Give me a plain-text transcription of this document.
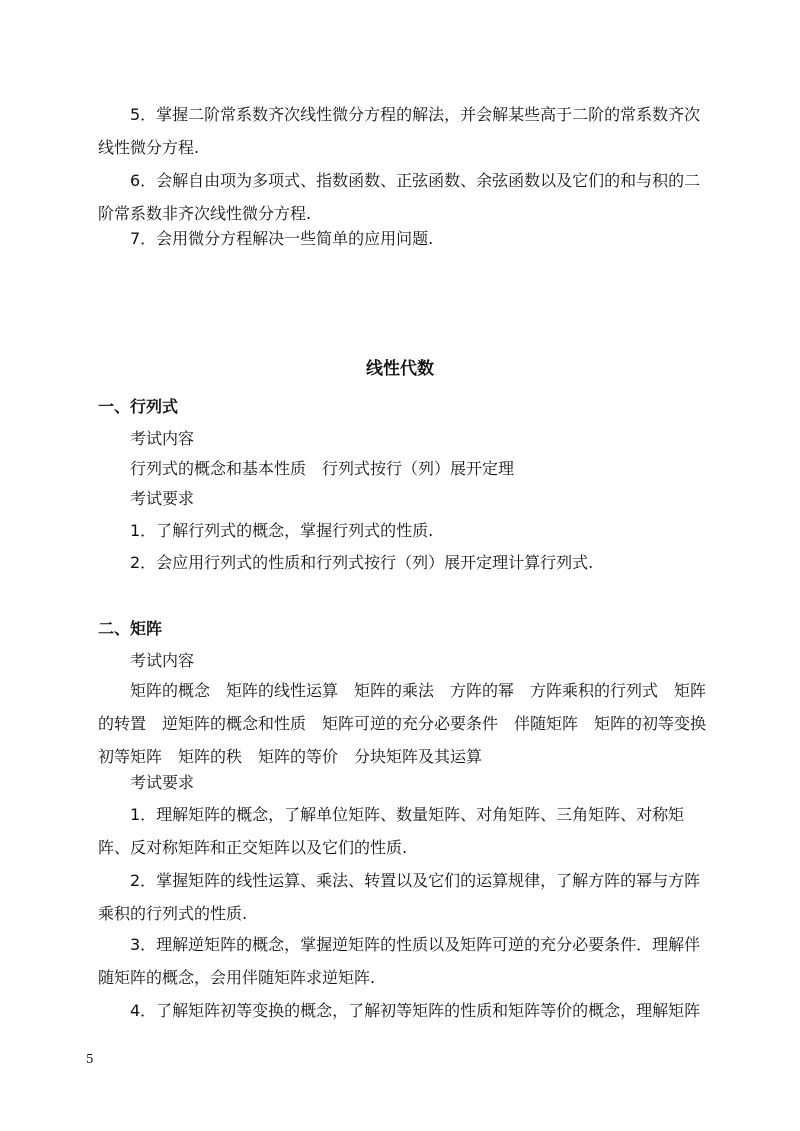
5．掌握二阶常系数齐次线性微分方程的解法，并会解某些高于二阶的常系数齐次线性微分方程.

6．会解自由项为多项式、指数函数、正弦函数、余弦函数以及它们的和与积的二阶常系数非齐次线性微分方程.

7．会用微分方程解决一些简单的应用问题.

线性代数

一、行列式

考试内容

行列式的概念和基本性质　行列式按行（列）展开定理

考试要求

1．了解行列式的概念，掌握行列式的性质.

2．会应用行列式的性质和行列式按行（列）展开定理计算行列式.

二、矩阵

考试内容

矩阵的概念　矩阵的线性运算　矩阵的乘法　方阵的幂　方阵乘积的行列式　矩阵的转置　逆矩阵的概念和性质　矩阵可逆的充分必要条件　伴随矩阵　矩阵的初等变换　初等矩阵　矩阵的秩　矩阵的等价　分块矩阵及其运算

考试要求

1．理解矩阵的概念，了解单位矩阵、数量矩阵、对角矩阵、三角矩阵、对称矩阵、反对称矩阵和正交矩阵以及它们的性质.

2．掌握矩阵的线性运算、乘法、转置以及它们的运算规律，了解方阵的幂与方阵乘积的行列式的性质.

3．理解逆矩阵的概念，掌握逆矩阵的性质以及矩阵可逆的充分必要条件．理解伴随矩阵的概念，会用伴随矩阵求逆矩阵.

4．了解矩阵初等变换的概念，了解初等矩阵的性质和矩阵等价的概念，理解矩阵

5
